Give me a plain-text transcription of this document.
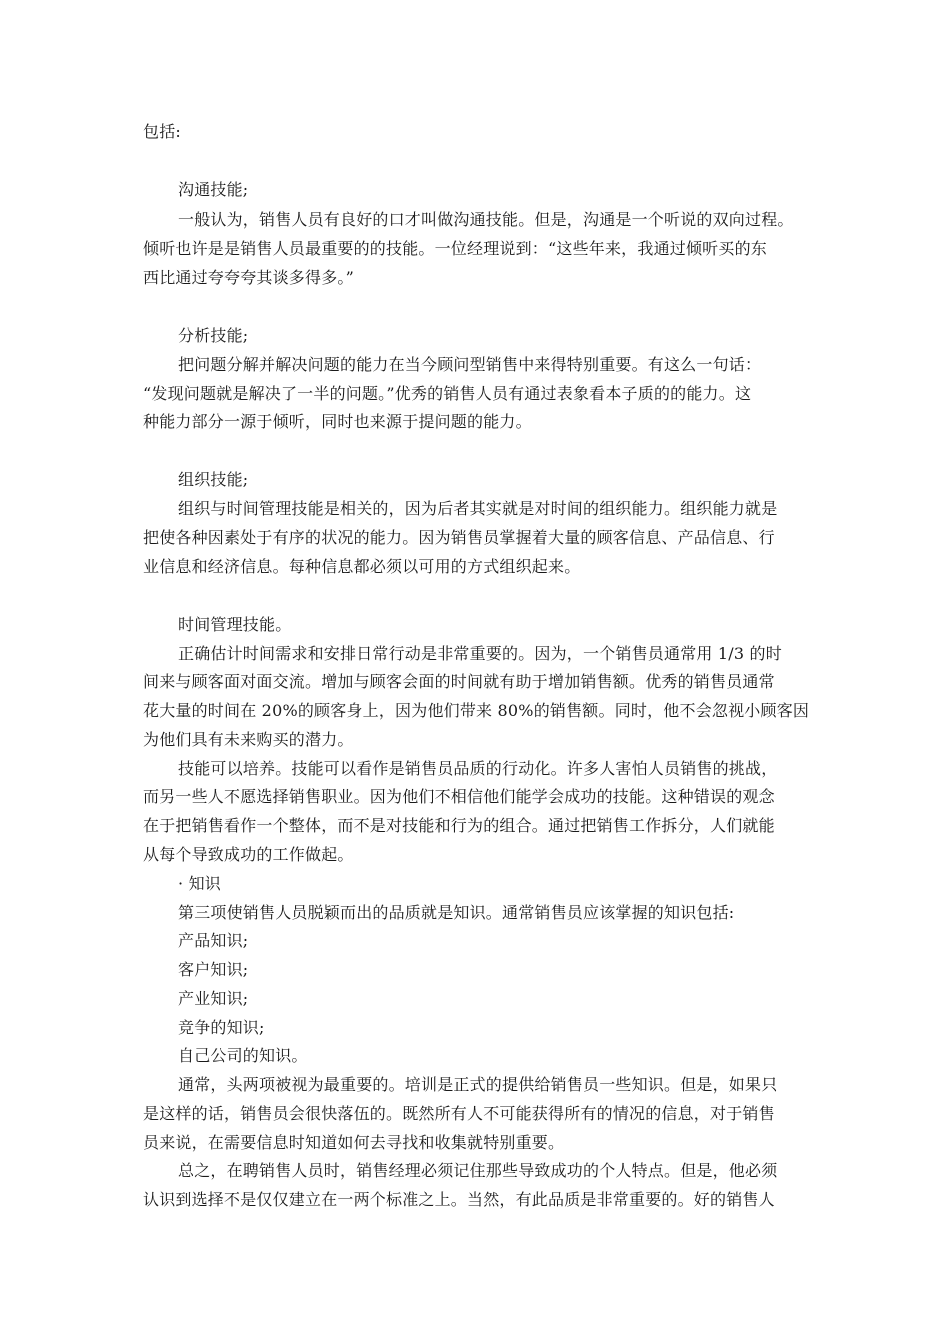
包括:
沟通技能;
一般认为，销售人员有良好的口才叫做沟通技能。但是，沟通是一个听说的双向过程。
倾听也许是是销售人员最重要的的技能。一位经理说到：“这些年来，我通过倾听买的东
西比通过夸夸夸其谈多得多。”
分析技能;
把问题分解并解决问题的能力在当今顾问型销售中来得特别重要。有这么一句话：
“发现问题就是解决了一半的问题。”优秀的销售人员有通过表象看本子质的的能力。这
种能力部分一源于倾听，同时也来源于提问题的能力。
组织技能;
组织与时间管理技能是相关的，因为后者其实就是对时间的组织能力。组织能力就是
把使各种因素处于有序的状况的能力。因为销售员掌握着大量的顾客信息、产品信息、行
业信息和经济信息。每种信息都必须以可用的方式组织起来。
时间管理技能。
正确估计时间需求和安排日常行动是非常重要的。因为，一个销售员通常用 1/3 的时
间来与顾客面对面交流。增加与顾客会面的时间就有助于增加销售额。优秀的销售员通常
花大量的时间在 20%的顾客身上，因为他们带来 80%的销售额。同时，他不会忽视小顾客因
为他们具有未来购买的潜力。
技能可以培养。技能可以看作是销售员品质的行动化。许多人害怕人员销售的挑战，
而另一些人不愿选择销售职业。因为他们不相信他们能学会成功的技能。这种错误的观念
在于把销售看作一个整体，而不是对技能和行为的组合。通过把销售工作拆分，人们就能
从每个导致成功的工作做起。
· 知识
第三项使销售人员脱颖而出的品质就是知识。通常销售员应该掌握的知识包括:
产品知识;
客户知识;
产业知识;
竞争的知识;
自己公司的知识。
通常，头两项被视为最重要的。培训是正式的提供给销售员一些知识。但是，如果只
是这样的话，销售员会很快落伍的。既然所有人不可能获得所有的情况的信息，对于销售
员来说，在需要信息时知道如何去寻找和收集就特别重要。
总之，在聘销售人员时，销售经理必须记住那些导致成功的个人特点。但是，他必须
认识到选择不是仅仅建立在一两个标准之上。当然，有此品质是非常重要的。好的销售人
